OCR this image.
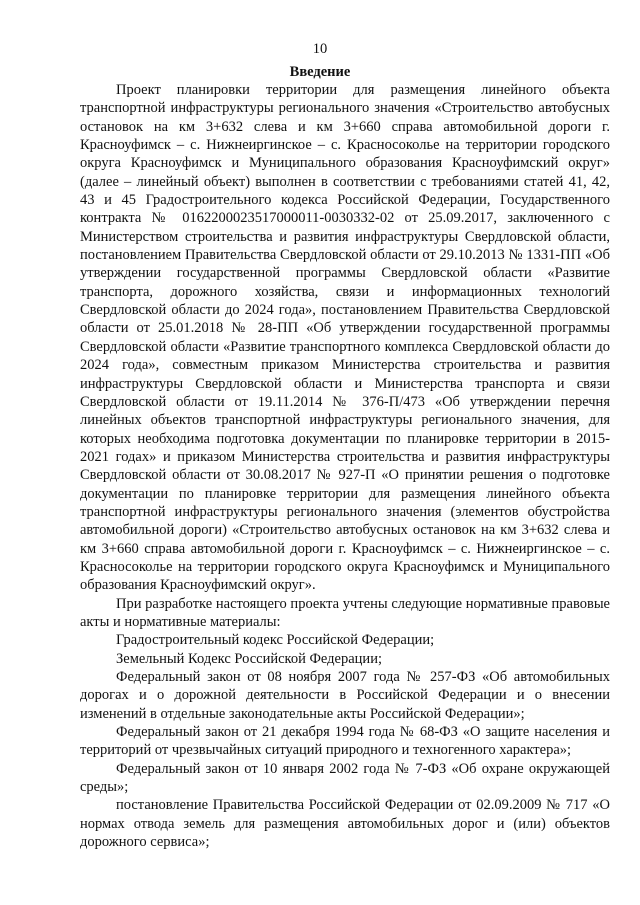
10
Введение

Проект планировки территории для размещения линейного объекта транспортной инфраструктуры регионального значения «Строительство автобусных остановок на км 3+632 слева и км 3+660 справа автомобильной дороги г. Красноуфимск – с. Нижнеиргинское – с. Красносоколье на территории городского округа Красноуфимск и Муниципального образования Красноуфимский округ» (далее – линейный объект) выполнен в соответствии с требованиями статей 41, 42, 43 и 45 Градостроительного кодекса Российской Федерации, Государственного контракта № 0162200023517000011-0030332-02 от 25.09.2017, заключенного с Министерством строительства и развития инфраструктуры Свердловской области, постановлением Правительства Свердловской области от 29.10.2013 № 1331-ПП «Об утверждении государственной программы Свердловской области «Развитие транспорта, дорожного хозяйства, связи и информационных технологий Свердловской области до 2024 года», постановлением Правительства Свердловской области от 25.01.2018 № 28-ПП «Об утверждении государственной программы Свердловской области «Развитие транспортного комплекса Свердловской области до 2024 года», совместным приказом Министерства строительства и развития инфраструктуры Свердловской области и Министерства транспорта и связи Свердловской области от 19.11.2014 № 376-П/473 «Об утверждении перечня линейных объектов транспортной инфраструктуры регионального значения, для которых необходима подготовка документации по планировке территории в 2015-2021 годах» и приказом Министерства строительства и развития инфраструктуры Свердловской области от 30.08.2017 № 927-П «О принятии решения о подготовке документации по планировке территории для размещения линейного объекта транспортной инфраструктуры регионального значения (элементов обустройства автомобильной дороги) «Строительство автобусных остановок на км 3+632 слева и км 3+660 справа автомобильной дороги г. Красноуфимск – с. Нижнеиргинское – с. Красносоколье на территории городского округа Красноуфимск и Муниципального образования Красноуфимский округ».

При разработке настоящего проекта учтены следующие нормативные правовые акты и нормативные материалы:

Градостроительный кодекс Российской Федерации;

Земельный Кодекс Российской Федерации;

Федеральный закон от 08 ноября 2007 года № 257-ФЗ «Об автомобильных дорогах и о дорожной деятельности в Российской Федерации и о внесении изменений в отдельные законодательные акты Российской Федерации»;

Федеральный закон от 21 декабря 1994 года № 68-ФЗ «О защите населения и территорий от чрезвычайных ситуаций природного и техногенного характера»;

Федеральный закон от 10 января 2002 года № 7-ФЗ «Об охране окружающей среды»;

постановление Правительства Российской Федерации от 02.09.2009 № 717 «О нормах отвода земель для размещения автомобильных дорог и (или) объектов дорожного сервиса»;
